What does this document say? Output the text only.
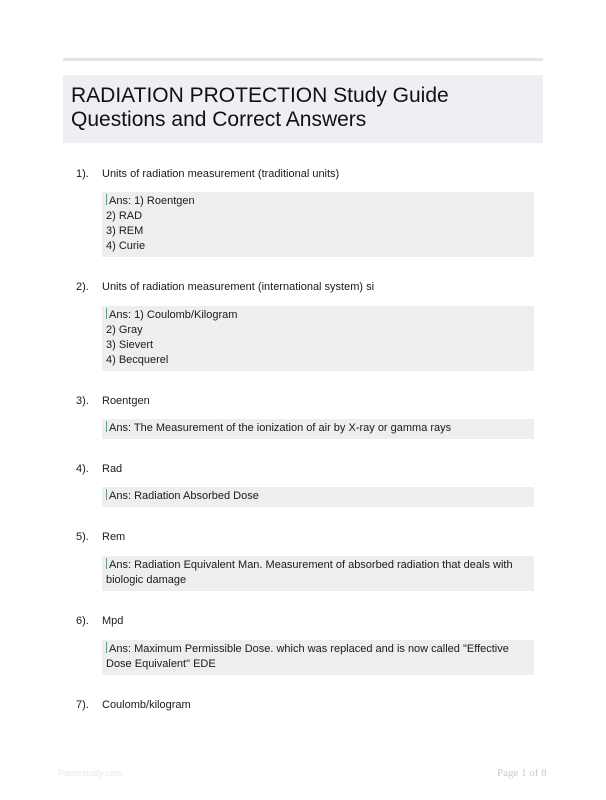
RADIATION PROTECTION Study Guide Questions and Correct Answers
1). Units of radiation measurement (traditional units)
Ans: 1) Roentgen
2) RAD
3) REM
4) Curie
2). Units of radiation measurement (international system) si
Ans: 1) Coulomb/Kilogram
2) Gray
3) Sievert
4) Becquerel
3). Roentgen
Ans: The Measurement of the ionization of air by X-ray or gamma rays
4). Rad
Ans: Radiation Absorbed Dose
5). Rem
Ans: Radiation Equivalent Man. Measurement of absorbed radiation that deals with biologic damage
6). Mpd
Ans: Maximum Permissible Dose. which was replaced and is now called "Effective Dose Equivalent" EDE
7). Coulomb/kilogram
Paperstudy.com	Page 1 of 8
